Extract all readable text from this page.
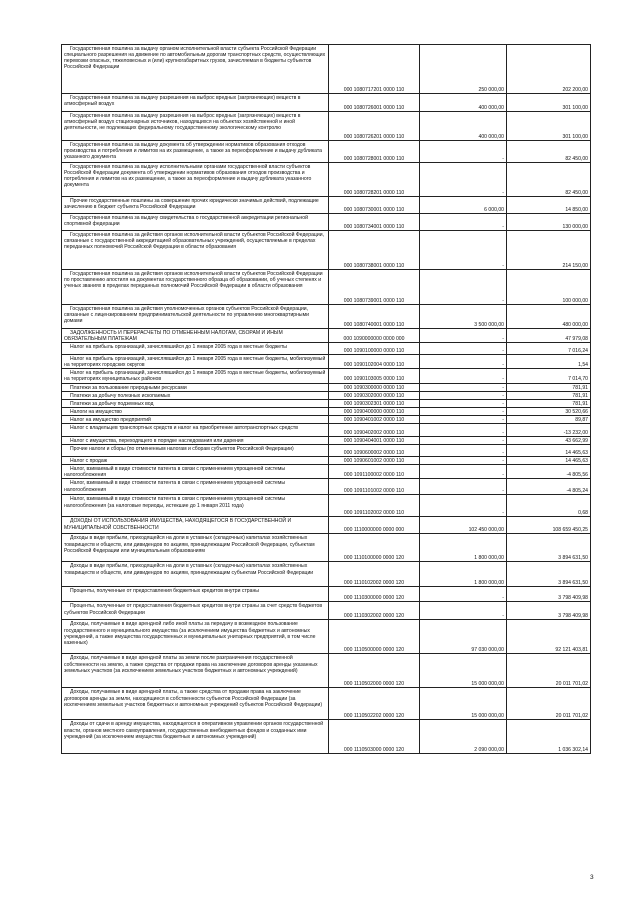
Государственная пошлина за выдачу органом исполнительной власти субъекта Российской Федерации специального разрешения на движение по автомобильным дорогам транспортных средств, осуществляющих перевозки опасных, тяжеловесных и (или) крупногабаритных грузов, зачисляемая в бюджеты субъектов Российской Федерации	000 1080717201 0000 110	250 000,00	202 200,00
Государственная пошлина за выдачу разрешения на выброс вредных (загрязняющих) веществ в атмосферный воздух	000 1080726001 0000 110	400 000,00	301 100,00
Государственная пошлина за выдачу разрешения на выброс вредных (загрязняющих) веществ в атмосферный воздух стационарных источников, находящихся на объектах хозяйственной и иной деятельности, не подлежащих федеральному государственному экологическому контролю	000 1080726201 0000 110	400 000,00	301 100,00
Государственная пошлина за выдачу документа об утверждении нормативов образования отходов производства и потребления и лимитов на их размещение, а также за переоформление и выдачу дубликата указанного документа	000 1080728001 0000 110	-	82 450,00
Государственная пошлина за выдачу исполнительными органами государственной власти субъектов Российской Федерации документа об утверждении нормативов образования отходов производства и потребления и лимитов на их размещение, а также за переоформление и выдачу дубликата указанного документа	000 1080728201 0000 110	-	82 450,00
Прочие государственные пошлины за совершение прочих юридически значимых действий, подлежащие зачислению в бюджет субъекта Российской Федерации	000 1080730001 0000 110	6 000,00	14 850,00
Государственная пошлина за выдачу свидетельства о государственной аккредитации региональной спортивной федерации	000 1080734001 0000 110	-	130 000,00
Государственная пошлина за действия органов исполнительной власти субъектов Российской Федерации, связанные с государственной аккредитацией образовательных учреждений, осуществляемые в пределах переданных полномочий Российской Федерации в области образования	000 1080738001 0000 110	-	214 150,00
Государственная пошлина за действия органов исполнительной власти субъектов Российской Федерации по проставлению апостиля на документах государственного образца об образовании, об ученых степенях и ученых званиях в пределах переданных полномочий Российской Федерации в области образования	000 1080739001 0000 110	-	100 000,00
Государственная пошлина за действия уполномоченных органов субъектов Российской Федерации, связанные с лицензированием предпринимательской деятельности по управлению многоквартирными домами	000 1080740001 0000 110	3 500 000,00	480 000,00
ЗАДОЛЖЕННОСТЬ И ПЕРЕРАСЧЕТЫ ПО ОТМЕНЕННЫМ НАЛОГАМ, СБОРАМ И ИНЫМ ОБЯЗАТЕЛЬНЫМ ПЛАТЕЖАМ	000 1090000000 0000 000	-	47 979,08
Налог на прибыль организаций, зачислявшийся до 1 января 2005 года в местные бюджеты	000 1090100000 0000 110	-	7 016,24
Налог на прибыль организаций, зачислявшийся до 1 января 2005 года в местные бюджеты, мобилизуемый на территориях городских округов	000 1090102004 0000 110	-	1,54
Налог на прибыль организаций, зачислявшийся до 1 января 2005 года в местные бюджеты, мобилизуемый на территориях муниципальных районов	000 1090103005 0000 110	-	7 014,70
Платежи за пользование природными ресурсами	000 1090300000 0000 110	-	781,91
Платежи за добычу полезных ископаемых	000 1090302000 0000 110	-	781,91
Платежи за добычу подземных вод	000 1090302301 0000 110	-	781,91
Налоги на имущество	000 1090400000 0000 110	-	30 520,66
Налог на имущество предприятий	000 1090401002 0000 110	-	89,87
Налог с владельцев транспортных средств и налог на приобретение автотранспортных средств	000 1090402002 0000 110	-	-13 232,00
Налог с имущества, переходящего в порядке наследования или дарения	000 1090404001 0000 110	-	43 662,99
Прочие налоги и сборы (по отмененным налогам и сборам субъектов Российской Федерации)	000 1090600002 0000 110	-	14 465,63
Налог с продаж	000 1090601002 0000 110	-	14 465,63
Налог, взимаемый в виде стоимости патента в связи с применением упрощенной системы налогообложения	000 1091100002 0000 110	-	-4 805,56
Налог, взимаемый в виде стоимости патента в связи с применением упрощенной системы налогообложения	000 1091101002 0000 110	-	-4 805,24
Налог, взимаемый в виде стоимости патента в связи с применением упрощенной системы налогообложения (за налоговые периоды, истекшие до 1 января 2011 года)	000 1091102002 0000 110	-	0,68
ДОХОДЫ ОТ ИСПОЛЬЗОВАНИЯ ИМУЩЕСТВА, НАХОДЯЩЕГОСЯ В ГОСУДАРСТВЕННОЙ И МУНИЦИПАЛЬНОЙ СОБСТВЕННОСТИ	000 1110000000 0000 000	102 450 000,00	108 659 450,25
Доходы в виде прибыли, приходящейся на доли в уставных (складочных) капиталах хозяйственных товариществ и обществ, или дивидендов по акциям, принадлежащим Российской Федерации, субъектам Российской Федерации или муниципальным образованиям	000 1110100000 0000 120	1 800 000,00	3 894 631,50
Доходы в виде прибыли, приходящейся на доли в уставных (складочных) капиталах хозяйственных товариществ и обществ, или дивидендов по акциям, принадлежащим субъектам Российской Федерации	000 1110102002 0000 120	1 800 000,00	3 894 631,50
Проценты, полученные от предоставления бюджетных кредитов внутри страны	000 1110300000 0000 120	-	3 798 409,98
Проценты, полученные от предоставления бюджетных кредитов внутри страны за счет средств бюджетов субъектов Российской Федерации	000 1110302002 0000 120	-	3 798 409,98
Доходы, получаемые в виде арендной либо иной платы за передачу в возмездное пользование государственного и муниципального имущества (за исключением имущества бюджетных и автономных учреждений, а также имущества государственных и муниципальных унитарных предприятий, в том числе казенных)	000 1110500000 0000 120	97 030 000,00	92 121 403,81
Доходы, получаемые в виде арендной платы за земли после разграничения государственной собственности на землю, а также средства от продажи права на заключение договоров аренды указанных земельных участков (за исключением земельных участков бюджетных и автономных учреждений)	000 1110502000 0000 120	15 000 000,00	20 011 701,02
Доходы, получаемые в виде арендной платы, а также средства от продажи права на заключение договоров аренды за земли, находящиеся в собственности субъектов Российской Федерации (за исключением земельных участков бюджетных и автономных учреждений субъектов Российской Федерации)	000 1110502202 0000 120	15 000 000,00	20 011 701,02
Доходы от сдачи в аренду имущества, находящегося в оперативном управлении органов государственной власти, органов местного самоуправления, государственных внебюджетных фондов и созданных ими учреждений (за исключением имущества бюджетных и автономных учреждений)	000 1110503000 0000 120	2 090 000,00	1 036 302,14
3
